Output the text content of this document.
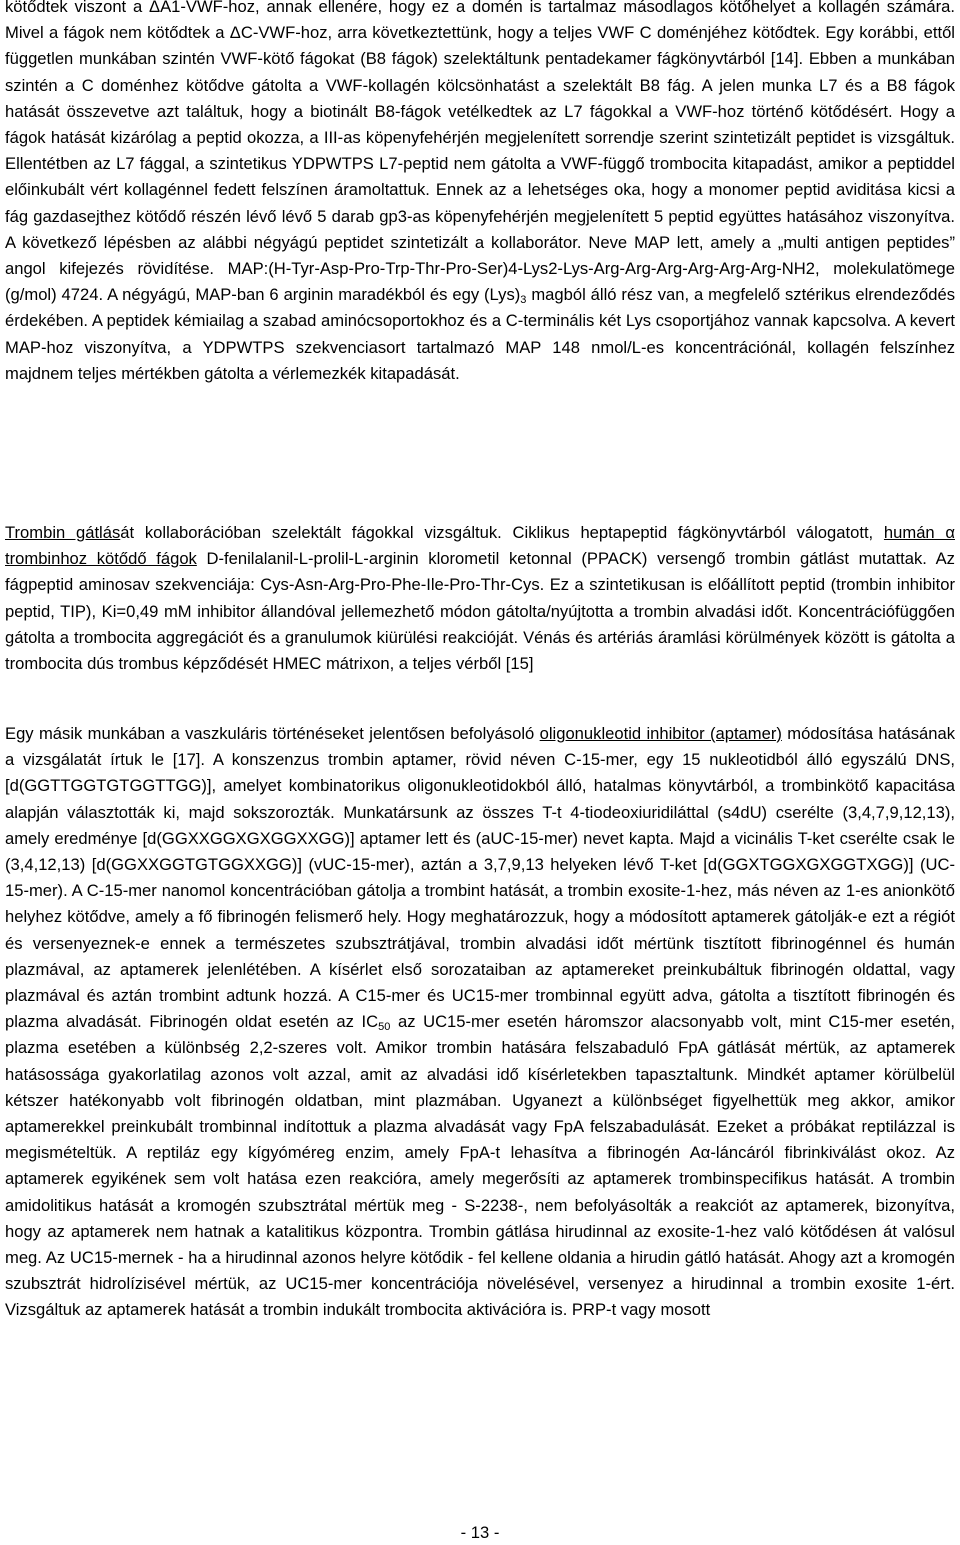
kötődtek viszont a ΔA1-VWF-hoz, annak ellenére, hogy ez a domén is tartalmaz másodlagos kötőhelyet a kollagén számára. Mivel a fágok nem kötődtek a ΔC-VWF-hoz, arra következtettünk, hogy a teljes VWF C doménjéhez kötődtek. Egy korábbi, ettől független munkában szintén VWF-kötő fágokat (B8 fágok) szelektáltunk pentadekamer fágkönyvtárból [14]. Ebben a munkában szintén a C doménhez kötődve gátolta a VWF-kollagén kölcsönhatást a szelektált B8 fág. A jelen munka L7 és a B8 fágok hatását összevetve azt találtuk, hogy a biotinált B8-fágok vetélkedtek az L7 fágokkal a VWF-hoz történő kötődésért. Hogy a fágok hatását kizárólag a peptid okozza, a III-as köpenyfehérjén megjelenített sorrendje szerint szintetizált peptidet is vizsgáltuk. Ellentétben az L7 fággal, a szintetikus YDPWTPS L7-peptid nem gátolta a VWF-függő trombocita kitapadást, amikor a peptiddel előinkubált vért kollagénnel fedett felszínen áramoltattuk. Ennek az a lehetséges oka, hogy a monomer peptid aviditása kicsi a fág gazdasejthez kötődő részén lévő lévő 5 darab gp3-as köpenyfehérjén megjelenített 5 peptid együttes hatásához viszonyítva. A következő lépésben az alábbi négyágú peptidet szintetizált a kollaborátor. Neve MAP lett, amely a „multi antigen peptides” angol kifejezés rövidítése. MAP:(H-Tyr-Asp-Pro-Trp-Thr-Pro-Ser)4-Lys2-Lys-Arg-Arg-Arg-Arg-Arg-Arg-NH2, molekulatömege (g/mol) 4724. A négyágú, MAP-ban 6 arginin maradékból és egy $(Lys)_3$ magból álló rész van, a megfelelő sztérikus elrendeződés érdekében. A peptidek kémiailag a szabad aminócsoportokhoz és a C-terminális két Lys csoportjához vannak kapcsolva. A kevert MAP-hoz viszonyítva, a YDPWTPS szekvenciasort tartalmazó MAP 148 nmol/L-es koncentrációnál, kollagén felszínhez majdnem teljes mértékben gátolta a vérlemezkék kitapadását.

Trombin gátlását kollaborációban szelektált fágokkal vizsgáltuk. Ciklikus heptapeptid fágkönyvtárból válogatott, humán α trombinhoz kötődő fágok D-fenilalanil-L-prolil-L-arginin klorometil ketonnal (PPACK) versengő trombin gátlást mutattak. Az fágpeptid aminosav szekvenciája: Cys-Asn-Arg-Pro-Phe-Ile-Pro-Thr-Cys. Ez a szintetikusan is előállított peptid (trombin inhibitor peptid, TIP), Ki=0,49 mM inhibitor állandóval jellemezhető módon gátolta/nyújtotta a trombin alvadási időt. Koncentrációfüggően gátolta a trombocita aggregációt és a granulumok kiürülési reakcióját. Vénás és artériás áramlási körülmények között is gátolta a trombocita dús trombus képződését HMEC mátrixon, a teljes vérből [15]

Egy másik munkában a vaszkuláris történéseket jelentősen befolyásoló oligonukleotid inhibitor (aptamer) módosítása hatásának a vizsgálatát írtuk le [17]. A konszenzus trombin aptamer, rövid néven C-15-mer, egy 15 nukleotidból álló egyszálú DNS, [d(GGTTGGTGTGGTTGG)], amelyet kombinatorikus oligonukleotidokból álló, hatalmas könyvtárból, a trombinkötő kapacitása alapján választották ki, majd sokszorozták. Munkatársunk az összes T-t 4-tiodeoxiuridiláttal (s4dU) cserélte (3,4,7,9,12,13), amely eredménye [d(GGXXGGXGXGGXXGG)] aptamer lett és (aUC-15-mer) nevet kapta. Majd a vicinális T-ket cserélte csak le (3,4,12,13) [d(GGXXGGTGTGGXXGG)] (vUC-15-mer), aztán a 3,7,9,13 helyeken lévő T-ket [d(GGXTGGXGXGGTXGG)] (UC-15-mer). A C-15-mer nanomol koncentrációban gátolja a trombint hatását, a trombin exosite-1-hez, más néven az 1-es anionkötő helyhez kötődve, amely a fő fibrinogén felismerő hely. Hogy meghatározzuk, hogy a módosított aptamerek gátolják-e ezt a régiót és versenyeznek-e ennek a természetes szubsztrátjával, trombin alvadási időt mértünk tisztított fibrinogénnel és humán plazmával, az aptamerek jelenlétében. A kísérlet első sorozataiban az aptamereket preinkubáltuk fibrinogén oldattal, vagy plazmával és aztán trombint adtunk hozzá. A C15-mer és UC15-mer trombinnal együtt adva, gátolta a tisztított fibrinogén és plazma alvadását. Fibrinogén oldat esetén az $IC_{50}$ az UC15-mer esetén háromszor alacsonyabb volt, mint C15-mer esetén, plazma esetében a különbség 2,2-szeres volt. Amikor trombin hatására felszabaduló FpA gátlását mértük, az aptamerek hatásossága gyakorlatilag azonos volt azzal, amit az alvadási idő kísérletekben tapasztaltunk. Mindkét aptamer körülbelül kétszer hatékonyabb volt fibrinogén oldatban, mint plazmában. Ugyanezt a különbséget figyelhettük meg akkor, amikor aptamerekkel preinkubált trombinnal indítottuk a plazma alvadását vagy FpA felszabadulását. Ezeket a próbákat reptilázzal is megismételtük. A reptiláz egy kígyóméreg enzim, amely FpA-t lehasítva a fibrinogén Aα-láncáról fibrinkiválást okoz. Az aptamerek egyikének sem volt hatása ezen reakcióra, amely megerősíti az aptamerek trombinspecifikus hatását. A trombin amidolitikus hatását a kromogén szubsztrátal mértük meg - S-2238-, nem befolyásolták a reakciót az aptamerek, bizonyítva, hogy az aptamerek nem hatnak a katalitikus központra. Trombin gátlása hirudinnal az exosite-1-hez való kötődésen át valósul meg. Az UC15-mernek - ha a hirudinnal azonos helyre kötődik - fel kellene oldania a hirudin gátló hatását. Ahogy azt a kromogén szubsztrát hidrolízisével mértük, az UC15-mer koncentrációja növelésével, versenyez a hirudinnal a trombin exosite 1-ért. Vizsgáltuk az aptamerek hatását a trombin indukált trombocita aktivációra is. PRP-t vagy mosott

- 13 -
